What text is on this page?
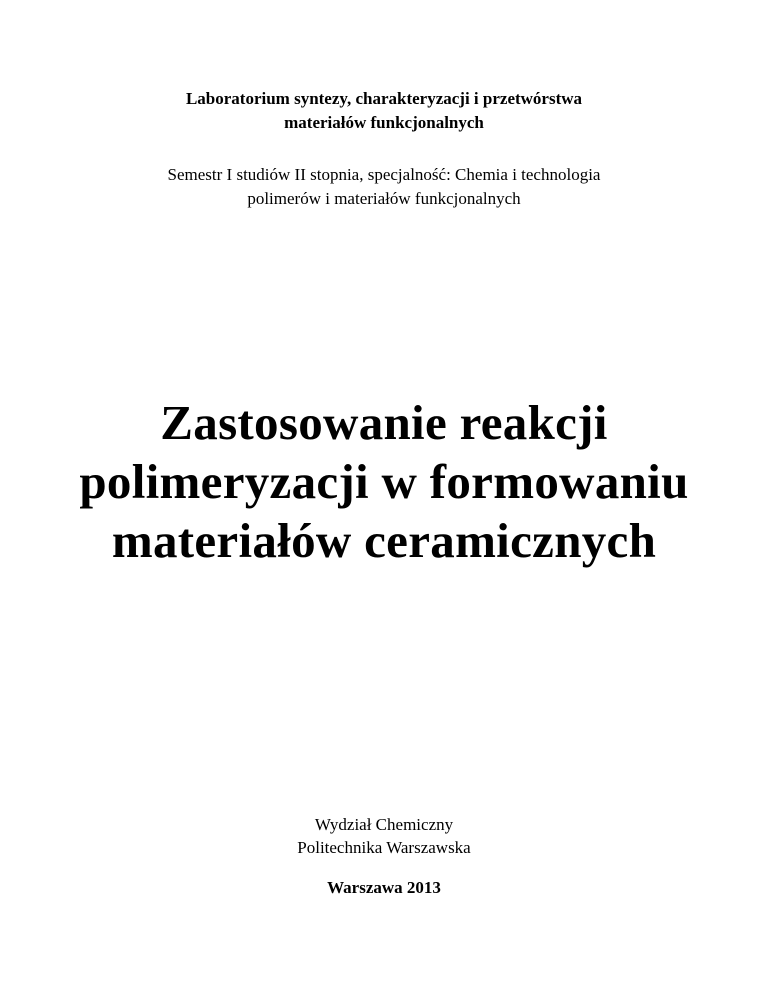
Laboratorium syntezy, charakteryzacji i przetwórstwa
materiałów funkcjonalnych
Semestr I studiów II stopnia, specjalność: Chemia i technologia
polimerów i materiałów funkcjonalnych
Zastosowanie reakcji
polimeryzacji w formowaniu
materiałów ceramicznych
Wydział Chemiczny
Politechnika Warszawska
Warszawa 2013
